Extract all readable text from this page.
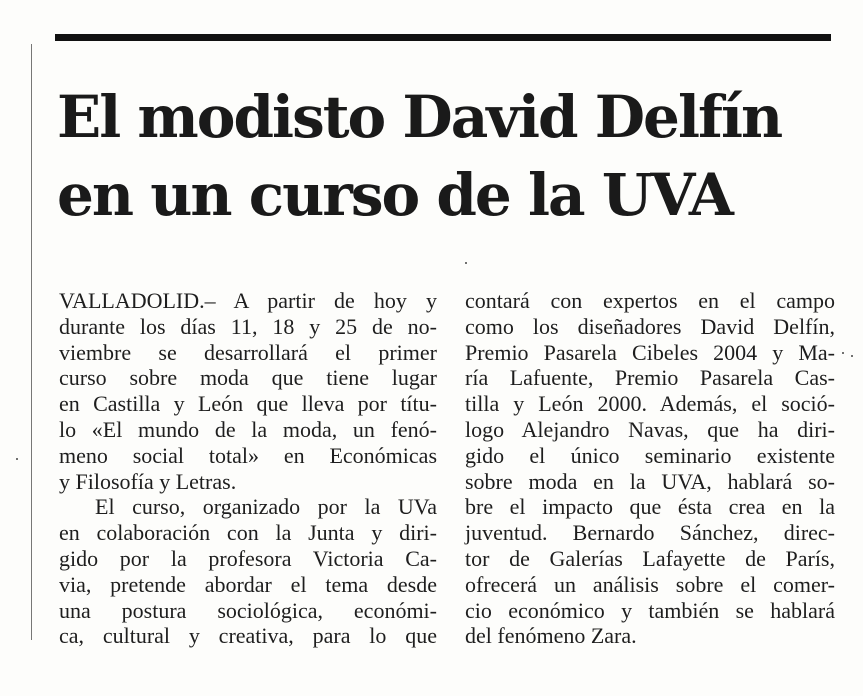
El modisto David Delfín
en un curso de la UVA
VALLADOLID.– A partir de hoy y
durante los días 11, 18 y 25 de no-
viembre se desarrollará el primer
curso sobre moda que tiene lugar
en Castilla y León que lleva por títu-
lo «El mundo de la moda, un fenó-
meno social total» en Económicas
y Filosofía y Letras.
El curso, organizado por la UVa
en colaboración con la Junta y diri-
gido por la profesora Victoria Ca-
via, pretende abordar el tema desde
una postura sociológica, económi-
ca, cultural y creativa, para lo que
contará con expertos en el campo
como los diseñadores David Delfín,
Premio Pasarela Cibeles 2004 y Ma-
ría Lafuente, Premio Pasarela Cas-
tilla y León 2000. Además, el soció-
logo Alejandro Navas, que ha diri-
gido el único seminario existente
sobre moda en la UVA, hablará so-
bre el impacto que ésta crea en la
juventud. Bernardo Sánchez, direc-
tor de Galerías Lafayette de París,
ofrecerá un análisis sobre el comer-
cio económico y también se hablará
del fenómeno Zara.
